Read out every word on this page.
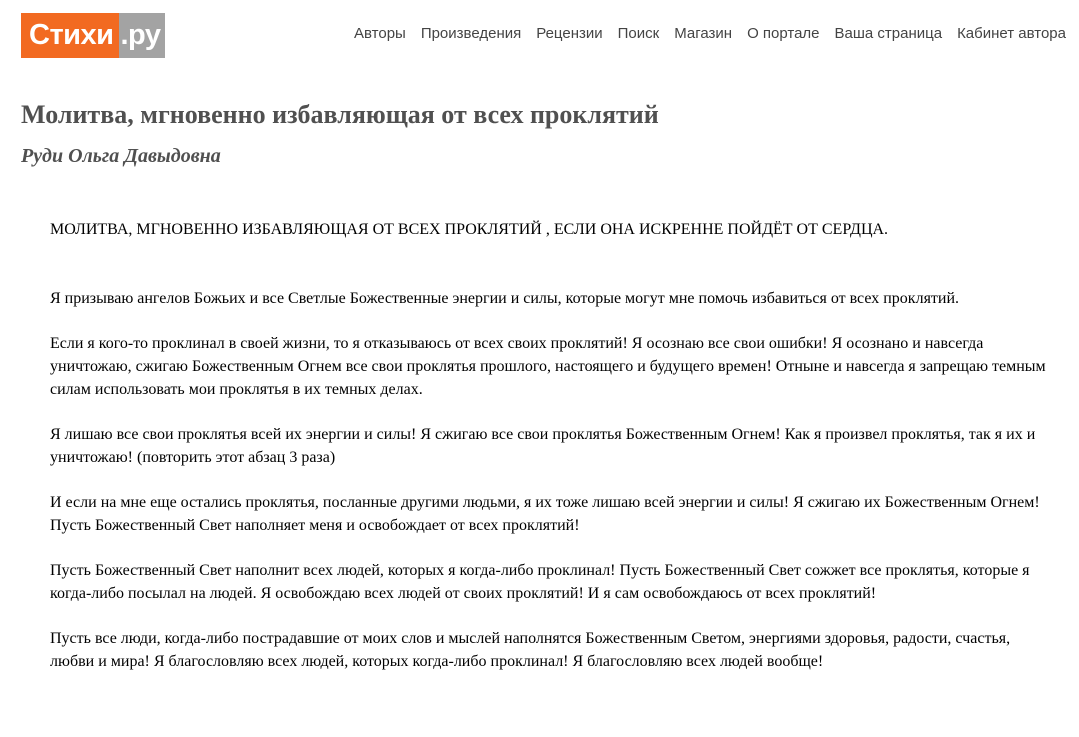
Стихи .ру	Авторы Произведения Рецензии Поиск Магазин О портале Ваша страница Кабинет автора
Молитва, мгновенно избавляющая от всех проклятий
Руди Ольга Давыдовна

МОЛИТВА, МГНОВЕННО ИЗБАВЛЯЮЩАЯ ОТ ВСЕХ ПРОКЛЯТИЙ , ЕСЛИ ОНА ИСКРЕННЕ ПОЙДЁТ ОТ СЕРДЦА.

Я призываю ангелов Божьих и все Светлые Божественные энергии и силы, которые могут мне помочь избавиться от всех проклятий.

Если я кого-то проклинал в своей жизни, то я отказываюсь от всех своих проклятий! Я осознаю все свои ошибки! Я осознано и навсегда уничтожаю, сжигаю Божественным Огнем все свои проклятья прошлого, настоящего и будущего времен! Отныне и навсегда я запрещаю темным силам использовать мои проклятья в их темных делах.

Я лишаю все свои проклятья всей их энергии и силы! Я сжигаю все свои проклятья Божественным Огнем! Как я произвел проклятья, так я их и уничтожаю! (повторить этот абзац 3 раза)

И если на мне еще остались проклятья, посланные другими людьми, я их тоже лишаю всей энергии и силы! Я сжигаю их Божественным Огнем! Пусть Божественный Свет наполняет меня и освобождает от всех проклятий!

Пусть Божественный Свет наполнит всех людей, которых я когда-либо проклинал! Пусть Божественный Свет сожжет все проклятья, которые я когда-либо посылал на людей. Я освобождаю всех людей от своих проклятий! И я сам освобождаюсь от всех проклятий!

Пусть все люди, когда-либо пострадавшие от моих слов и мыслей наполнятся Божественным Светом, энергиями здоровья, радости, счастья, любви и мира! Я благословляю всех людей, которых когда-либо проклинал! Я благословляю всех людей вообще!
